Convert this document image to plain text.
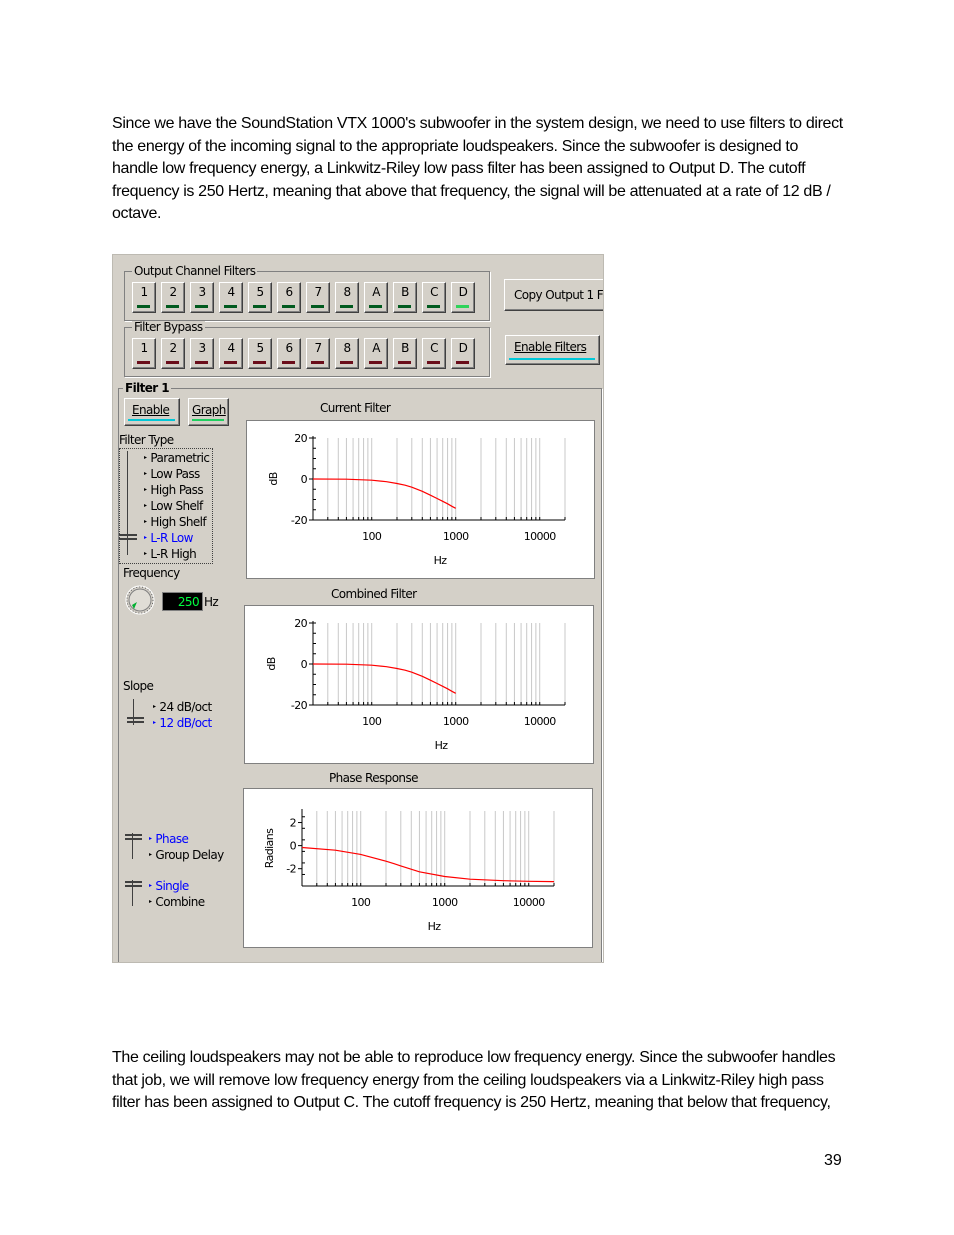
Since we have the SoundStation VTX 1000's subwoofer in the system design, we need to use filters to direct the energy of the incoming signal to the appropriate loudspeakers. Since the subwoofer is designed to handle low frequency energy, a Linkwitz-Riley low pass filter has been assigned to Output D. The cutoff frequency is 250 Hertz, meaning that above that frequency, the signal will be attenuated at a rate of 12 dB / octave.

Output Channel Filters
1	2	3	4	5	6	7	8	A	B	C	D
Filter Bypass
1	2	3	4	5	6	7	8	A	B	C	D
Copy Output 1 F
Enable Filters
Filter 1
Enable Graph
Filter Type
▸ Parametric
▸ Low Pass
▸ High Pass
▸ Low Shelf
▸ High Shelf
▸ L-R Low
▸ L-R High
Frequency
250 Hz
Slope
▸ 24 dB/oct
▸ 12 dB/oct
▸ Phase
▸ Group Delay
▸ Single
▸ Combine
Current Filter
Combined Filter
Phase Response
20
0
-20
100	1000	10000
Hz
dB
20
0
-20
100	1000	10000
Hz
dB
2
0
-2
100	1000	10000
Hz
Radians

The ceiling loudspeakers may not be able to reproduce low frequency energy. Since the subwoofer handles that job, we will remove low frequency energy from the ceiling loudspeakers via a Linkwitz-Riley high pass filter has been assigned to Output C. The cutoff frequency is 250 Hertz, meaning that below that frequency,

39
